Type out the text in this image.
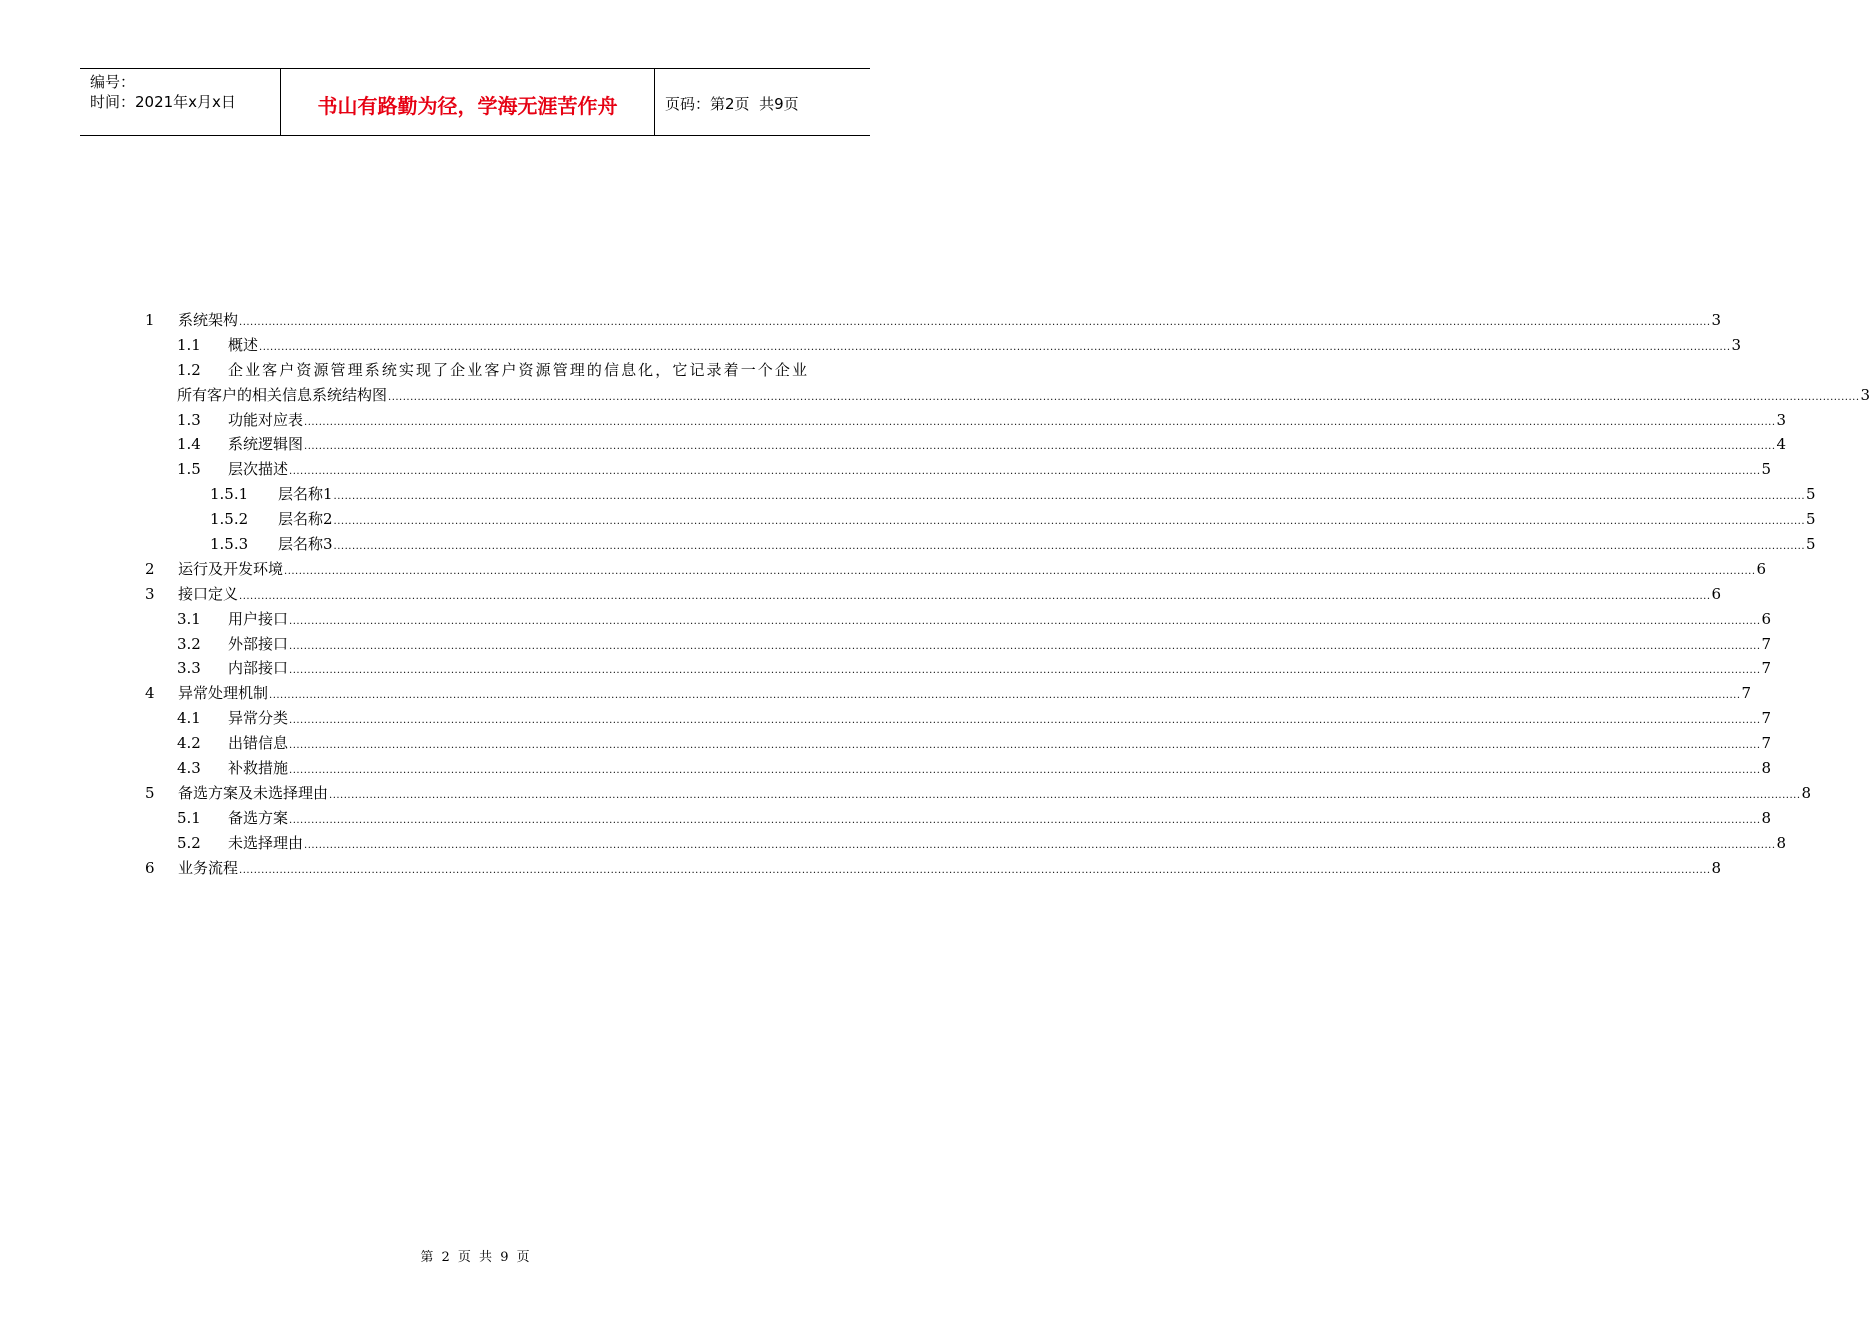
编号：
时间：2021年x月x日	书山有路勤为径，学海无涯苦作舟	页码：第2页  共9页
1	系统架构 ................................................................................................................................................................................................................................................................................................................................................................................................................ 3
1.1	概述 ................................................................................................................................................................................................................................................................................................................................................................................................................ 3
1.2	企业客户资源管理系统实现了企业客户资源管理的信息化，它记录着一个企业
所有客户的相关信息系统结构图 ................................................................................................................................................................................................................................................................................................................................................................................................................ 3
1.3	功能对应表 ................................................................................................................................................................................................................................................................................................................................................................................................................ 3
1.4	系统逻辑图 ................................................................................................................................................................................................................................................................................................................................................................................................................ 4
1.5	层次描述 ................................................................................................................................................................................................................................................................................................................................................................................................................ 5
1.5.1	层名称1 ................................................................................................................................................................................................................................................................................................................................................................................................................ 5
1.5.2	层名称2 ................................................................................................................................................................................................................................................................................................................................................................................................................ 5
1.5.3	层名称3 ................................................................................................................................................................................................................................................................................................................................................................................................................ 5
2	运行及开发环境 ................................................................................................................................................................................................................................................................................................................................................................................................................ 6
3	接口定义 ................................................................................................................................................................................................................................................................................................................................................................................................................ 6
3.1	用户接口 ................................................................................................................................................................................................................................................................................................................................................................................................................ 6
3.2	外部接口 ................................................................................................................................................................................................................................................................................................................................................................................................................ 7
3.3	内部接口 ................................................................................................................................................................................................................................................................................................................................................................................................................ 7
4	异常处理机制 ................................................................................................................................................................................................................................................................................................................................................................................................................ 7
4.1	异常分类 ................................................................................................................................................................................................................................................................................................................................................................................................................ 7
4.2	出错信息 ................................................................................................................................................................................................................................................................................................................................................................................................................ 7
4.3	补救措施 ................................................................................................................................................................................................................................................................................................................................................................................................................ 8
5	备选方案及未选择理由 ................................................................................................................................................................................................................................................................................................................................................................................................................ 8
5.1	备选方案 ................................................................................................................................................................................................................................................................................................................................................................................................................ 8
5.2	未选择理由 ................................................................................................................................................................................................................................................................................................................................................................................................................ 8
6	业务流程 ................................................................................................................................................................................................................................................................................................................................................................................................................ 8
第 2 页 共 9 页
